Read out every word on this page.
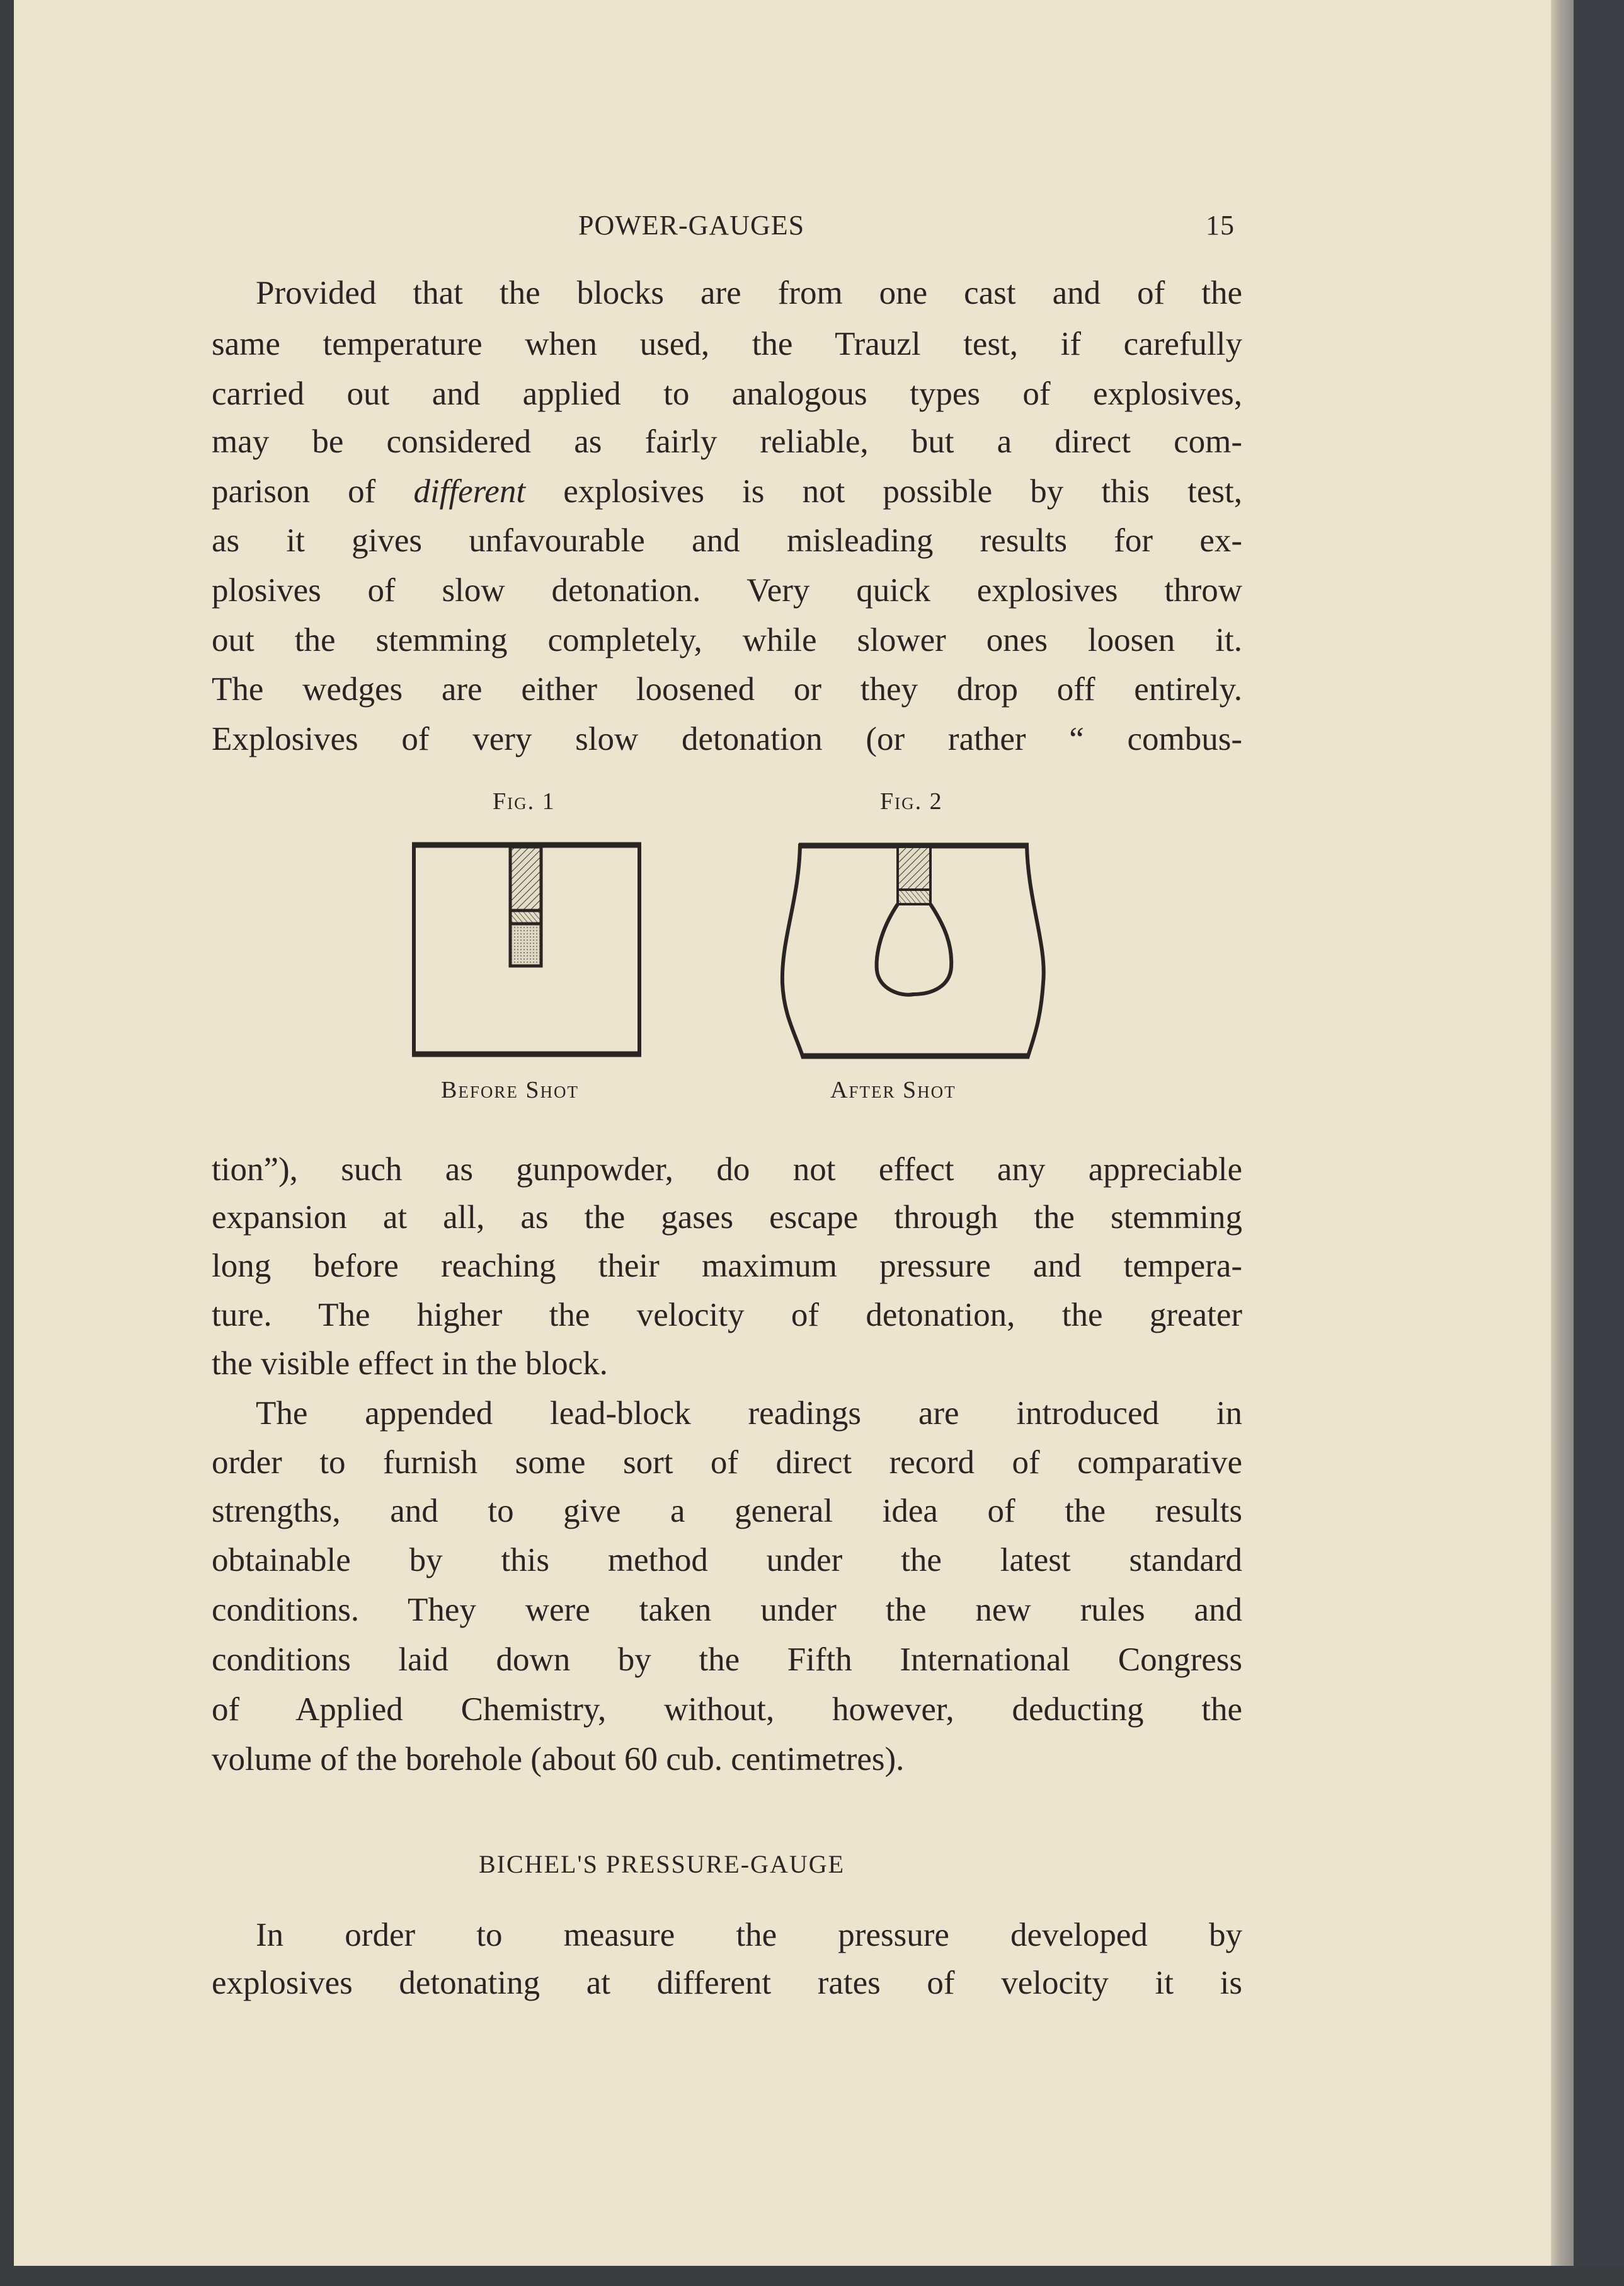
POWER-GAUGES	15
Provided that the blocks are from one cast and of the
same temperature when used, the Trauzl test, if carefully
carried out and applied to analogous types of explosives,
may be considered as fairly reliable, but a direct com-
parison of different explosives is not possible by this test,
as it gives unfavourable and misleading results for ex-
plosives of slow detonation. Very quick explosives throw
out the stemming completely, while slower ones loosen it.
The wedges are either loosened or they drop off entirely.
Explosives of very slow detonation (or rather “ combus-
Fig. 1	Fig. 2
Before Shot	After Shot
tion”), such as gunpowder, do not effect any appreciable
expansion at all, as the gases escape through the stemming
long before reaching their maximum pressure and tempera-
ture. The higher the velocity of detonation, the greater
the visible effect in the block.
The appended lead-block readings are introduced in
order to furnish some sort of direct record of comparative
strengths, and to give a general idea of the results
obtainable by this method under the latest standard
conditions. They were taken under the new rules and
conditions laid down by the Fifth International Congress
of Applied Chemistry, without, however, deducting the
volume of the borehole (about 60 cub. centimetres).
BICHEL'S PRESSURE-GAUGE
In order to measure the pressure developed by
explosives detonating at different rates of velocity it is
